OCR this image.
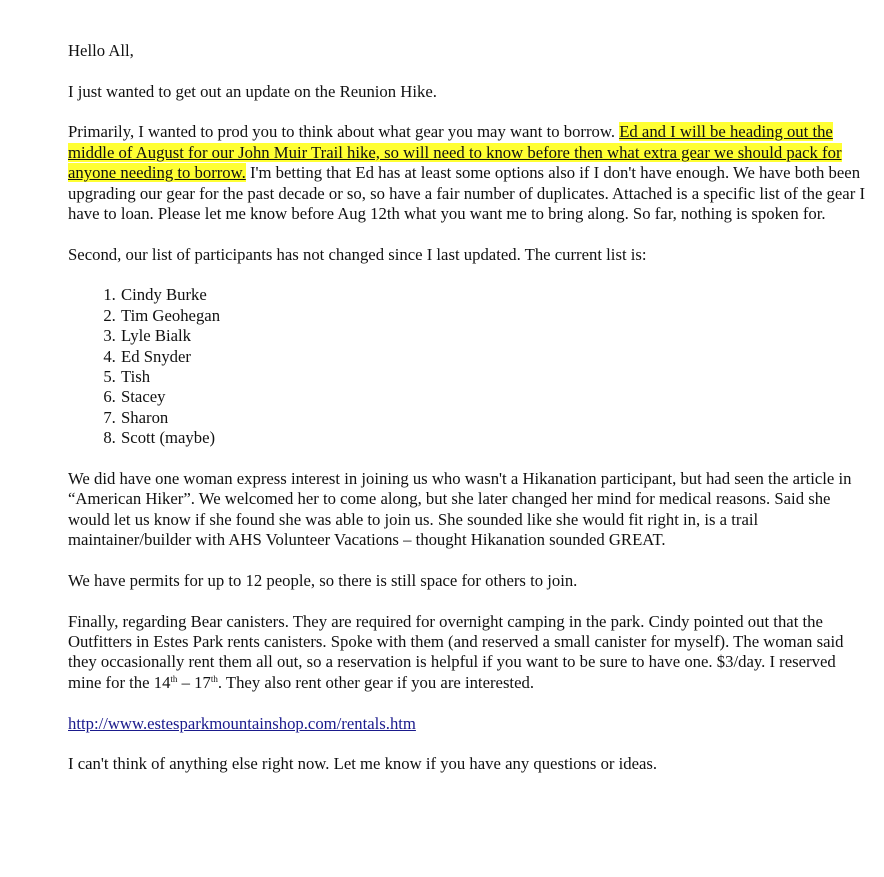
Hello All,

I just wanted to get out an update on the Reunion Hike.

Primarily, I wanted to prod you to think about what gear you may want to borrow. Ed and I will be heading out the middle of August for our John Muir Trail hike, so will need to know before then what extra gear we should pack for anyone needing to borrow. I'm betting that Ed has at least some options also if I don't have enough. We have both been upgrading our gear for the past decade or so, so have a fair number of duplicates. Attached is a specific list of the gear I have to loan. Please let me know before Aug 12th what you want me to bring along. So far, nothing is spoken for.

Second, our list of participants has not changed since I last updated. The current list is:

1. Cindy Burke
2. Tim Geohegan
3. Lyle Bialk
4. Ed Snyder
5. Tish
6. Stacey
7. Sharon
8. Scott (maybe)

We did have one woman express interest in joining us who wasn't a Hikanation participant, but had seen the article in “American Hiker”. We welcomed her to come along, but she later changed her mind for medical reasons. Said she would let us know if she found she was able to join us. She sounded like she would fit right in, is a trail maintainer/builder with AHS Volunteer Vacations – thought Hikanation sounded GREAT.

We have permits for up to 12 people, so there is still space for others to join.

Finally, regarding Bear canisters. They are required for overnight camping in the park. Cindy pointed out that the Outfitters in Estes Park rents canisters. Spoke with them (and reserved a small canister for myself). The woman said they occasionally rent them all out, so a reservation is helpful if you want to be sure to have one. $3/day. I reserved mine for the 14th – 17th. They also rent other gear if you are interested.

http://www.estesparkmountainshop.com/rentals.htm

I can't think of anything else right now. Let me know if you have any questions or ideas.
